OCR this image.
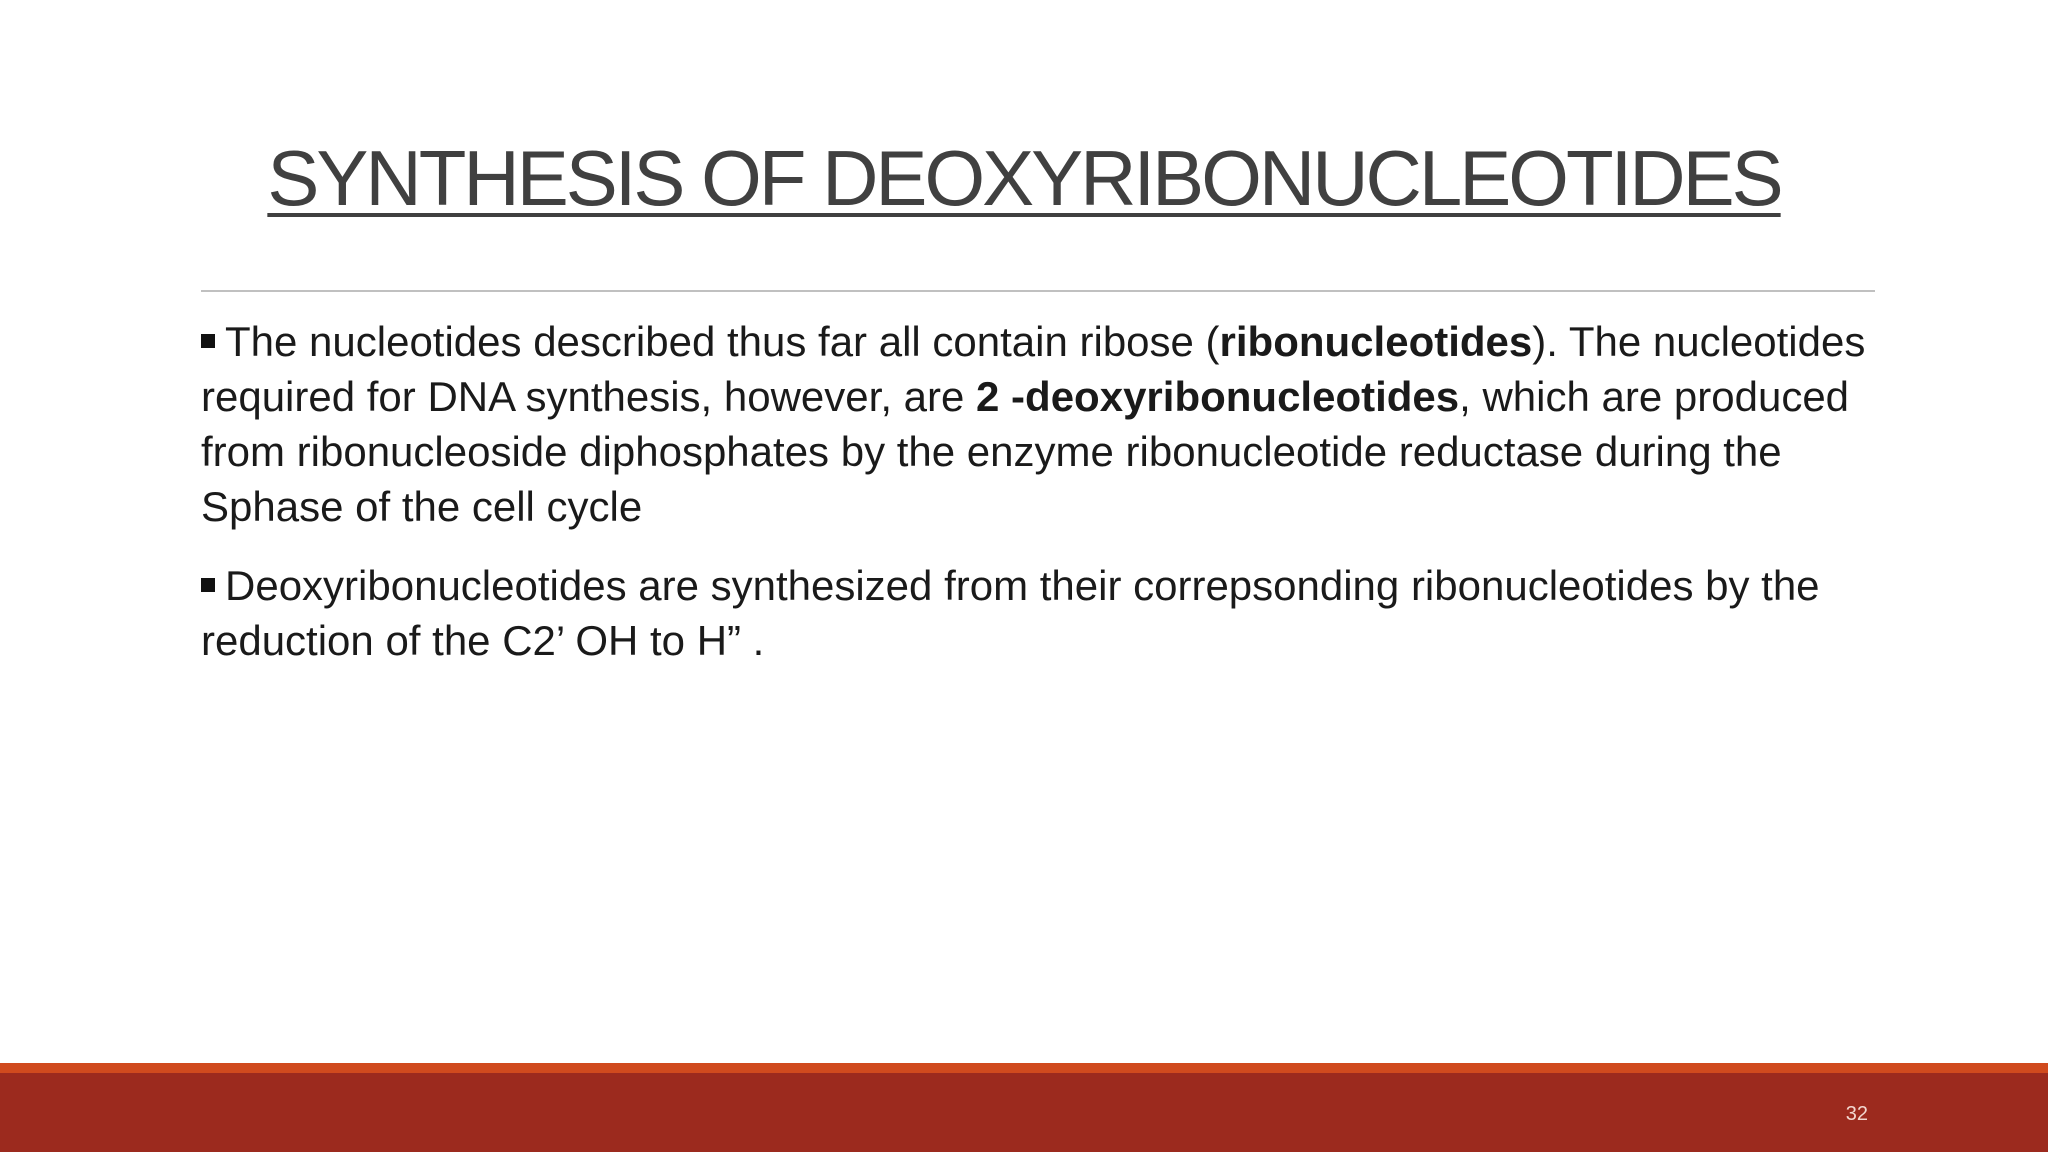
SYNTHESIS OF DEOXYRIBONUCLEOTIDES

The nucleotides described thus far all contain ribose (ribonucleotides). The nucleotides required for DNA synthesis, however, are 2 -deoxyribonucleotides, which are produced from ribonucleoside diphosphates by the enzyme ribonucleotide reductase during the Sphase of the cell cycle

Deoxyribonucleotides are synthesized from their correpsonding ribonucleotides by the reduction of the C2’ OH to H” .

32
